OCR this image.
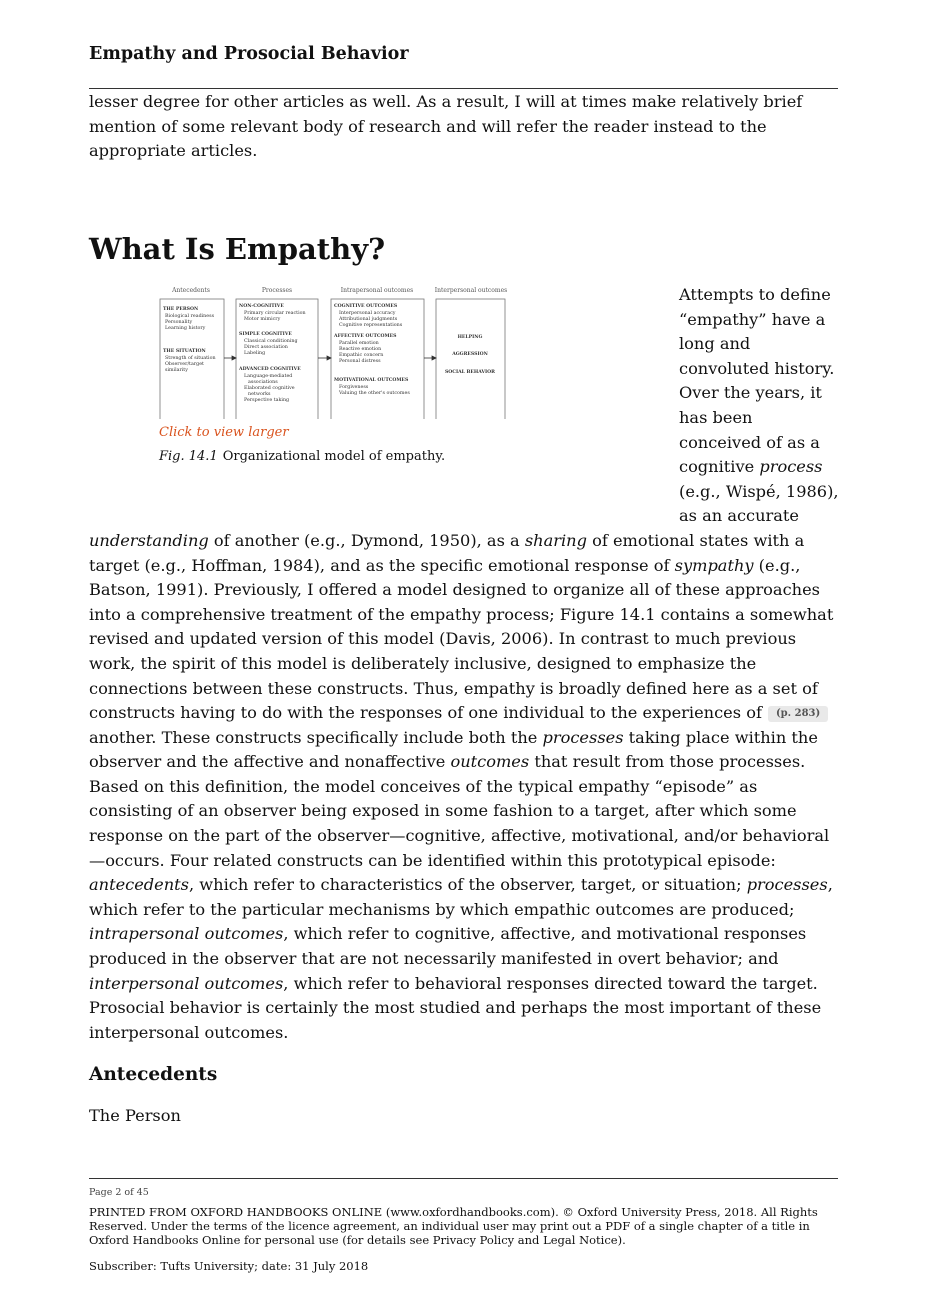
Empathy and Prosocial Behavior

lesser degree for other articles as well. As a result, I will at times make relatively brief mention of some relevant body of research and will refer the reader instead to the appropriate articles.

What Is Empathy?
Antecedents	Processes	Intrapersonal outcomes	Interpersonal outcomes
THE PERSON
Biological readiness
Personality
Learning history
THE SITUATION
Strength of situation
Observer/target
similarity
NON-COGNITIVE
Primary circular reaction
Motor mimicry
SIMPLE COGNITIVE
Classical conditioning
Direct association
Labeling
ADVANCED COGNITIVE
Language-mediated
associations
Elaborated cognitive
networks
Perspective taking
COGNITIVE OUTCOMES
Interpersonal accuracy
Attributional judgments
Cognitive representations
AFFECTIVE OUTCOMES
Parallel emotion
Reactive emotion
Empathic concern
Personal distress
MOTIVATIONAL OUTCOMES
Forgiveness
Valuing the other's outcomes
HELPING
AGGRESSION
SOCIAL BEHAVIOR
Click to view larger
Fig. 14.1 Organizational model of empathy.

Attempts to define “empathy” have a long and convoluted history. Over the years, it has been conceived of as a cognitive process (e.g., Wispé, 1986), as an accurate understanding of another (e.g., Dymond, 1950), as a sharing of emotional states with a target (e.g., Hoffman, 1984), and as the specific emotional response of sympathy (e.g., Batson, 1991). Previously, I offered a model designed to organize all of these approaches into a comprehensive treatment of the empathy process; Figure 14.1 contains a somewhat revised and updated version of this model (Davis, 2006). In contrast to much previous work, the spirit of this model is deliberately inclusive, designed to emphasize the connections between these constructs. Thus, empathy is broadly defined here as a set of constructs having to do with the responses of one individual to the experiences of (p. 283)another. These constructs specifically include both the processes taking place within the observer and the affective and nonaffective outcomes that result from those processes. Based on this definition, the model conceives of the typical empathy “episode” as consisting of an observer being exposed in some fashion to a target, after which some response on the part of the observer—cognitive, affective, motivational, and/or behavioral—occurs. Four related constructs can be identified within this prototypical episode: antecedents, which refer to characteristics of the observer, target, or situation; processes, which refer to the particular mechanisms by which empathic outcomes are produced; intrapersonal outcomes, which refer to cognitive, affective, and motivational responses produced in the observer that are not necessarily manifested in overt behavior; and interpersonal outcomes, which refer to behavioral responses directed toward the target. Prosocial behavior is certainly the most studied and perhaps the most important of these interpersonal outcomes.

Antecedents
The Person
Page 2 of 45
PRINTED FROM OXFORD HANDBOOKS ONLINE (www.oxfordhandbooks.com). © Oxford University Press, 2018. All Rights Reserved. Under the terms of the licence agreement, an individual user may print out a PDF of a single chapter of a title in Oxford Handbooks Online for personal use (for details see Privacy Policy and Legal Notice).
Subscriber: Tufts University; date: 31 July 2018
